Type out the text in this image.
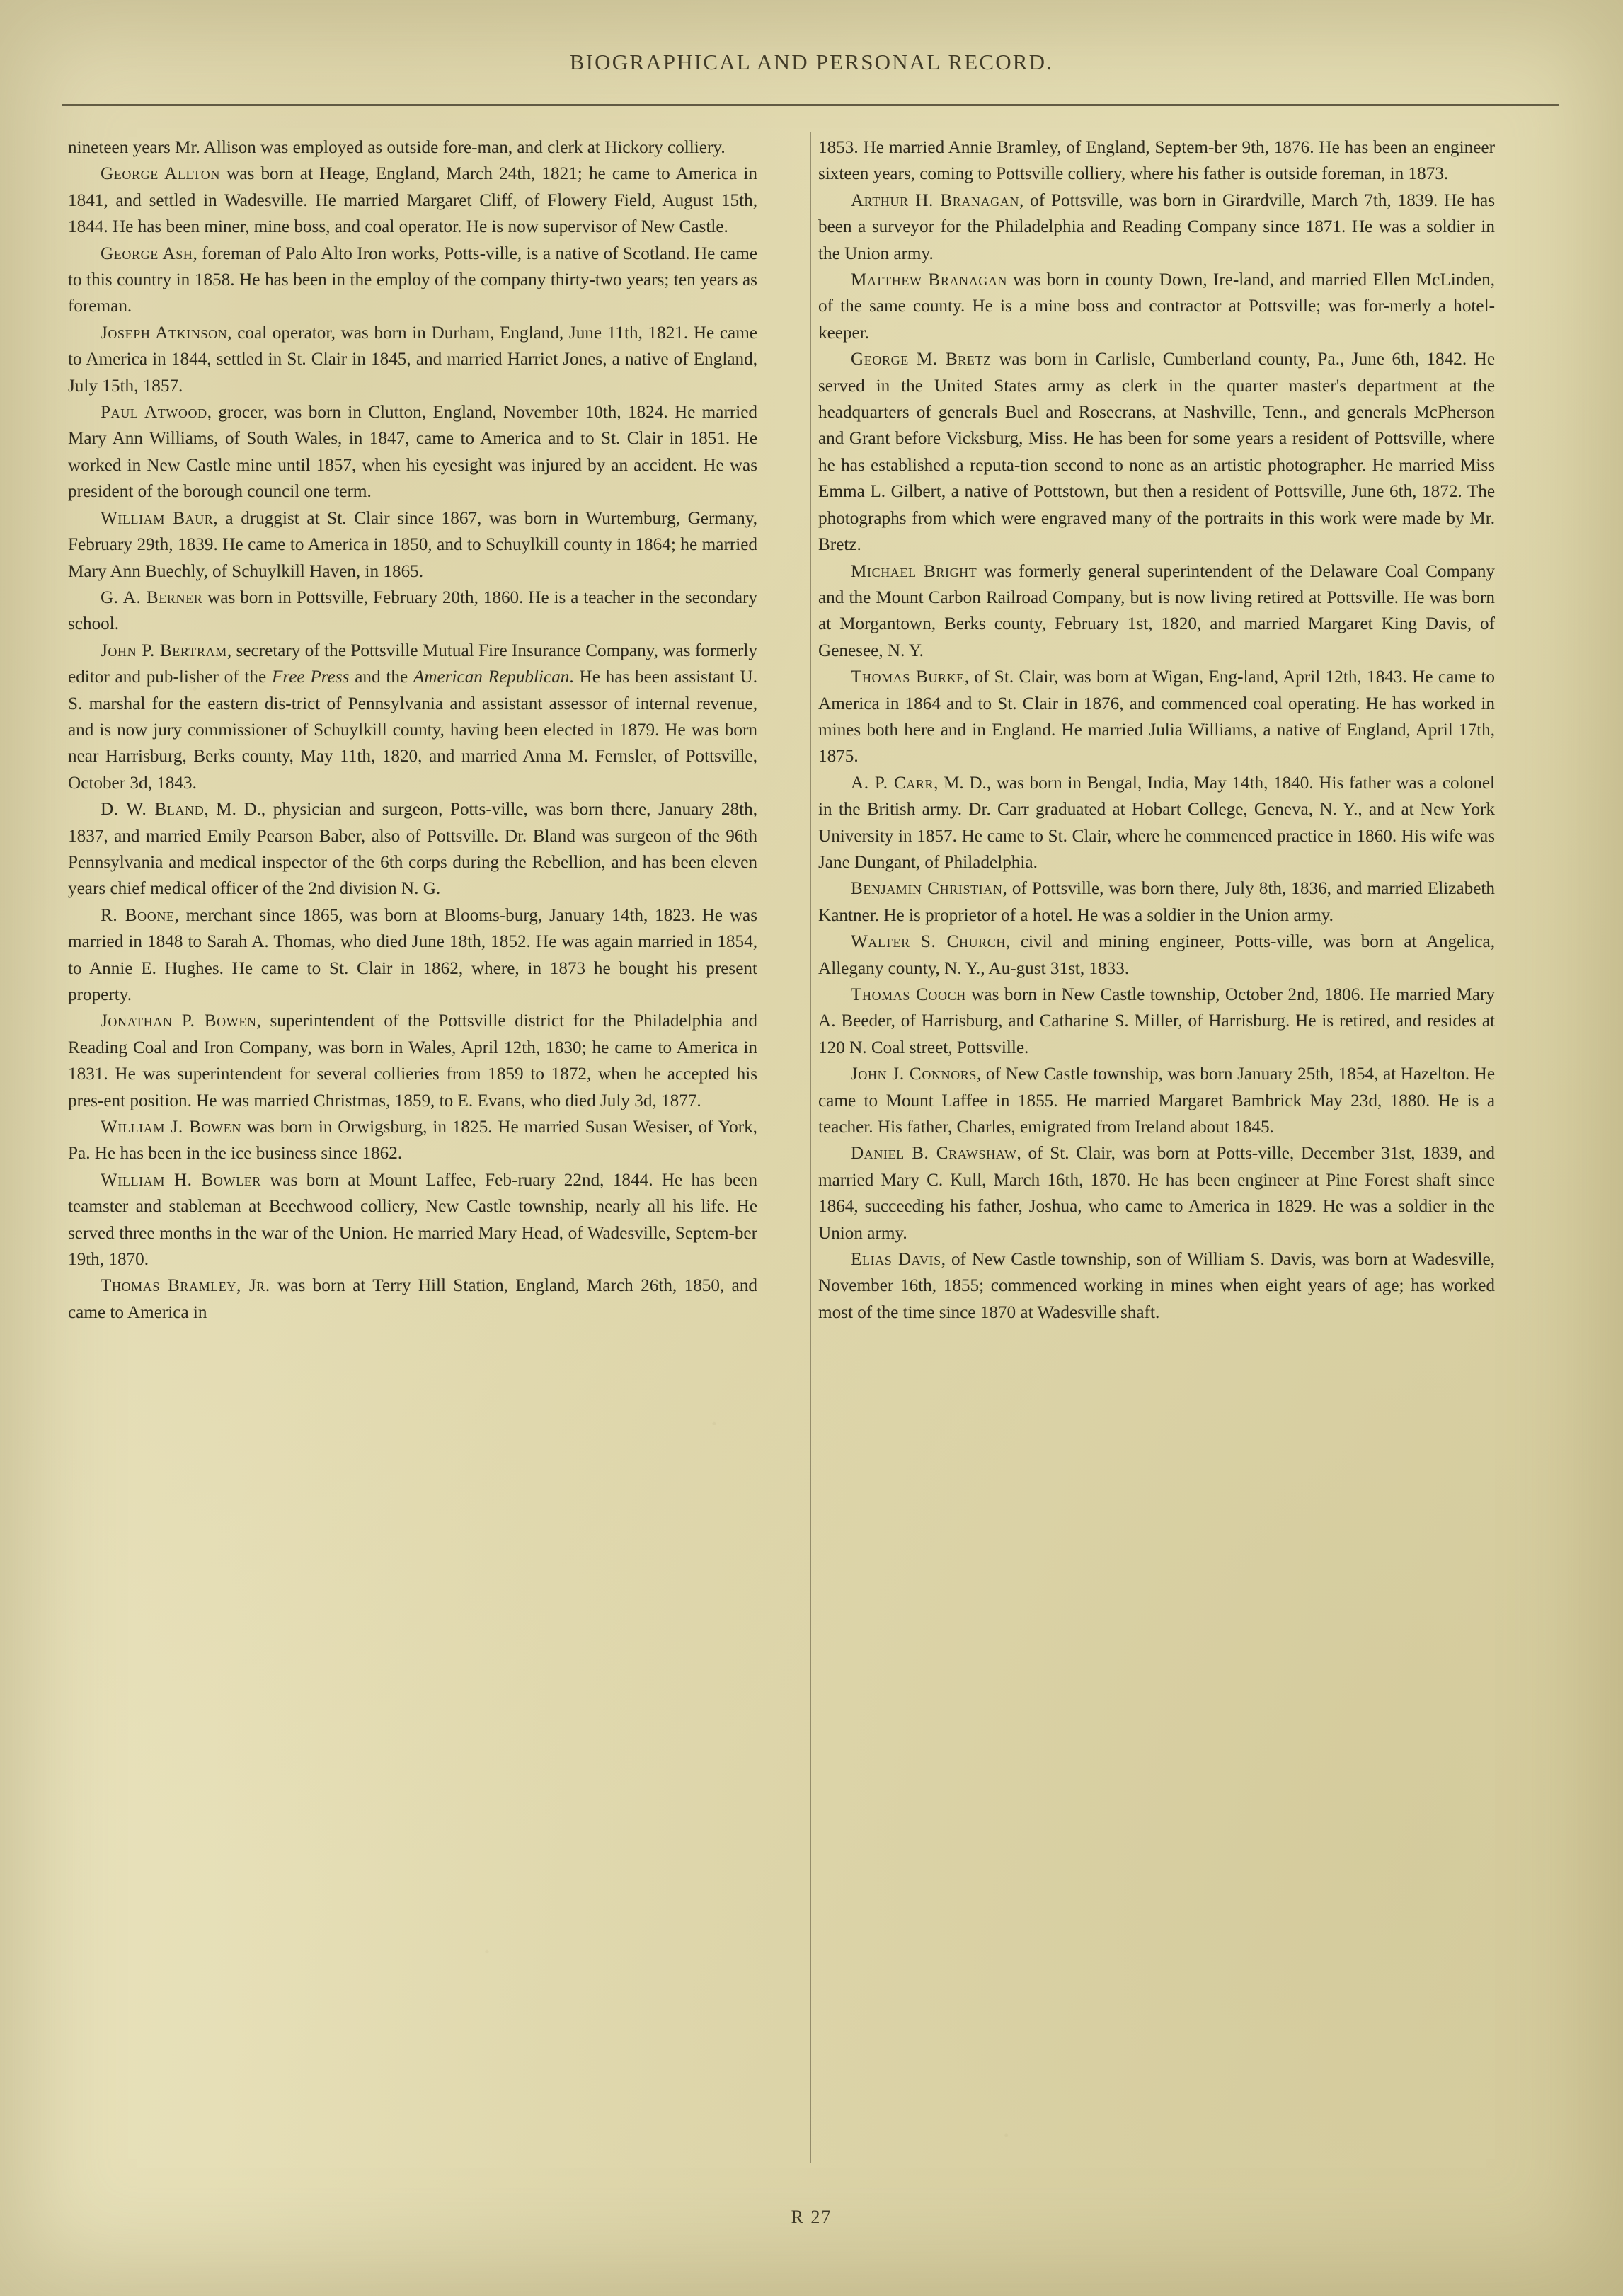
BIOGRAPHICAL AND PERSONAL RECORD.

nineteen years Mr. Allison was employed as outside fore-man, and clerk at Hickory colliery.

George Allton was born at Heage, England, March 24th, 1821; he came to America in 1841, and settled in Wadesville. He married Margaret Cliff, of Flowery Field, August 15th, 1844. He has been miner, mine boss, and coal operator. He is now supervisor of New Castle.

George Ash, foreman of Palo Alto Iron works, Potts-ville, is a native of Scotland. He came to this country in 1858. He has been in the employ of the company thirty-two years; ten years as foreman.

Joseph Atkinson, coal operator, was born in Durham, England, June 11th, 1821. He came to America in 1844, settled in St. Clair in 1845, and married Harriet Jones, a native of England, July 15th, 1857.

Paul Atwood, grocer, was born in Clutton, England, November 10th, 1824. He married Mary Ann Williams, of South Wales, in 1847, came to America and to St. Clair in 1851. He worked in New Castle mine until 1857, when his eyesight was injured by an accident. He was president of the borough council one term.

William Baur, a druggist at St. Clair since 1867, was born in Wurtemburg, Germany, February 29th, 1839. He came to America in 1850, and to Schuylkill county in 1864; he married Mary Ann Buechly, of Schuylkill Haven, in 1865.

G. A. Berner was born in Pottsville, February 20th, 1860. He is a teacher in the secondary school.

John P. Bertram, secretary of the Pottsville Mutual Fire Insurance Company, was formerly editor and pub-lisher of the Free Press and the American Republican. He has been assistant U. S. marshal for the eastern dis-trict of Pennsylvania and assistant assessor of internal revenue, and is now jury commissioner of Schuylkill county, having been elected in 1879. He was born near Harrisburg, Berks county, May 11th, 1820, and married Anna M. Fernsler, of Pottsville, October 3d, 1843.

D. W. Bland, M. D., physician and surgeon, Potts-ville, was born there, January 28th, 1837, and married Emily Pearson Baber, also of Pottsville. Dr. Bland was surgeon of the 96th Pennsylvania and medical inspector of the 6th corps during the Rebellion, and has been eleven years chief medical officer of the 2nd division N. G.

R. Boone, merchant since 1865, was born at Blooms-burg, January 14th, 1823. He was married in 1848 to Sarah A. Thomas, who died June 18th, 1852. He was again married in 1854, to Annie E. Hughes. He came to St. Clair in 1862, where, in 1873 he bought his present property.

Jonathan P. Bowen, superintendent of the Pottsville district for the Philadelphia and Reading Coal and Iron Company, was born in Wales, April 12th, 1830; he came to America in 1831. He was superintendent for several collieries from 1859 to 1872, when he accepted his pres-ent position. He was married Christmas, 1859, to E. Evans, who died July 3d, 1877.

William J. Bowen was born in Orwigsburg, in 1825. He married Susan Wesiser, of York, Pa. He has been in the ice business since 1862.

William H. Bowler was born at Mount Laffee, Feb-ruary 22nd, 1844. He has been teamster and stableman at Beechwood colliery, New Castle township, nearly all his life. He served three months in the war of the Union. He married Mary Head, of Wadesville, Septem-ber 19th, 1870.

Thomas Bramley, Jr. was born at Terry Hill Station, England, March 26th, 1850, and came to America in

1853. He married Annie Bramley, of England, Septem-ber 9th, 1876. He has been an engineer sixteen years, coming to Pottsville colliery, where his father is outside foreman, in 1873.

Arthur H. Branagan, of Pottsville, was born in Girardville, March 7th, 1839. He has been a surveyor for the Philadelphia and Reading Company since 1871. He was a soldier in the Union army.

Matthew Branagan was born in county Down, Ire-land, and married Ellen McLinden, of the same county. He is a mine boss and contractor at Pottsville; was for-merly a hotel-keeper.

George M. Bretz was born in Carlisle, Cumberland county, Pa., June 6th, 1842. He served in the United States army as clerk in the quarter master's department at the headquarters of generals Buel and Rosecrans, at Nashville, Tenn., and generals McPherson and Grant before Vicksburg, Miss. He has been for some years a resident of Pottsville, where he has established a reputa-tion second to none as an artistic photographer. He married Miss Emma L. Gilbert, a native of Pottstown, but then a resident of Pottsville, June 6th, 1872. The photographs from which were engraved many of the portraits in this work were made by Mr. Bretz.

Michael Bright was formerly general superintendent of the Delaware Coal Company and the Mount Carbon Railroad Company, but is now living retired at Pottsville. He was born at Morgantown, Berks county, February 1st, 1820, and married Margaret King Davis, of Genesee, N. Y.

Thomas Burke, of St. Clair, was born at Wigan, Eng-land, April 12th, 1843. He came to America in 1864 and to St. Clair in 1876, and commenced coal operating. He has worked in mines both here and in England. He married Julia Williams, a native of England, April 17th, 1875.

A. P. Carr, M. D., was born in Bengal, India, May 14th, 1840. His father was a colonel in the British army. Dr. Carr graduated at Hobart College, Geneva, N. Y., and at New York University in 1857. He came to St. Clair, where he commenced practice in 1860. His wife was Jane Dungant, of Philadelphia.

Benjamin Christian, of Pottsville, was born there, July 8th, 1836, and married Elizabeth Kantner. He is proprietor of a hotel. He was a soldier in the Union army.

Walter S. Church, civil and mining engineer, Potts-ville, was born at Angelica, Allegany county, N. Y., Au-gust 31st, 1833.

Thomas Cooch was born in New Castle township, October 2nd, 1806. He married Mary A. Beeder, of Harrisburg, and Catharine S. Miller, of Harrisburg. He is retired, and resides at 120 N. Coal street, Pottsville.

John J. Connors, of New Castle township, was born January 25th, 1854, at Hazelton. He came to Mount Laffee in 1855. He married Margaret Bambrick May 23d, 1880. He is a teacher. His father, Charles, emigrated from Ireland about 1845.

Daniel B. Crawshaw, of St. Clair, was born at Potts-ville, December 31st, 1839, and married Mary C. Kull, March 16th, 1870. He has been engineer at Pine Forest shaft since 1864, succeeding his father, Joshua, who came to America in 1829. He was a soldier in the Union army.

Elias Davis, of New Castle township, son of William S. Davis, was born at Wadesville, November 16th, 1855; commenced working in mines when eight years of age; has worked most of the time since 1870 at Wadesville shaft.

R 27
